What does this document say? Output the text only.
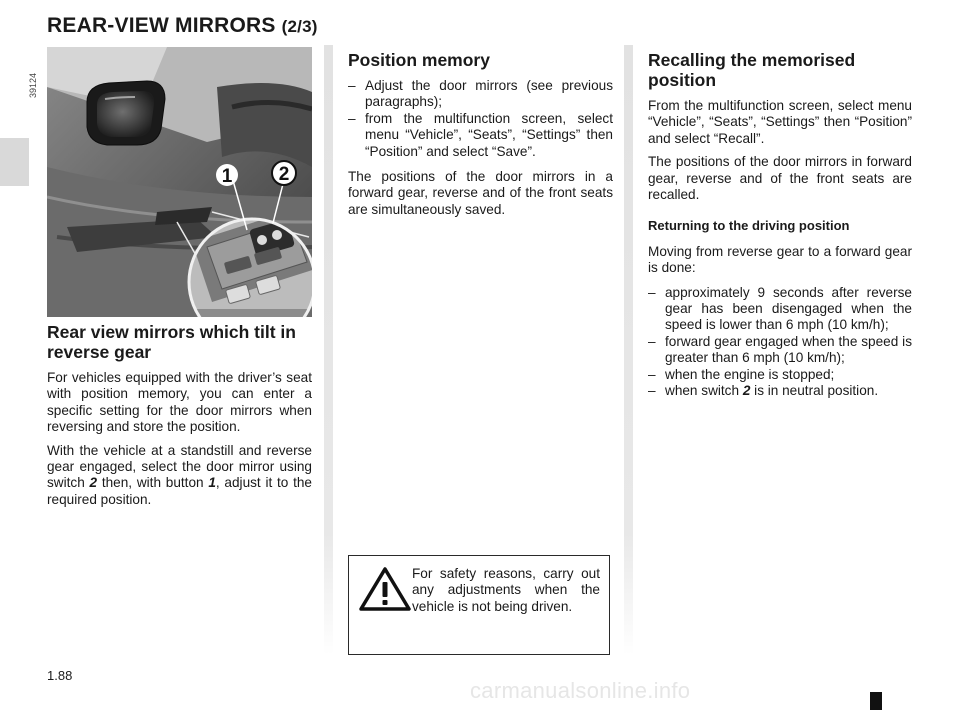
REAR-VIEW MIRRORS (2/3)
39124
1 2
Rear view mirrors which tilt in reverse gear

For vehicles equipped with the driver’s seat with position memory, you can enter a specific setting for the door mirrors when reversing and store the position.

With the vehicle at a standstill and reverse gear engaged, select the door mirror using switch 2 then, with button 1, adjust it to the required position.

Position memory
– Adjust the door mirrors (see previous paragraphs);
– from the multifunction screen, select menu “Vehicle”, “Seats”, “Settings” then “Position” and select “Save”.

The positions of the door mirrors in a forward gear, reverse and of the front seats are simultaneously saved.

For safety reasons, carry out any adjustments when the vehicle is not being driven.

Recalling the memorised position

From the multifunction screen, select menu “Vehicle”, “Seats”, “Settings” then “Position” and select “Recall”.

The positions of the door mirrors in forward gear, reverse and of the front seats are recalled.

Returning to the driving position

Moving from reverse gear to a forward gear is done:

– approximately 9 seconds after reverse gear has been disengaged when the speed is lower than 6 mph (10 km/h);
– forward gear engaged when the speed is greater than 6 mph (10 km/h);
– when the engine is stopped;
– when switch 2 is in neutral position.
1.88
carmanualsonline.info
